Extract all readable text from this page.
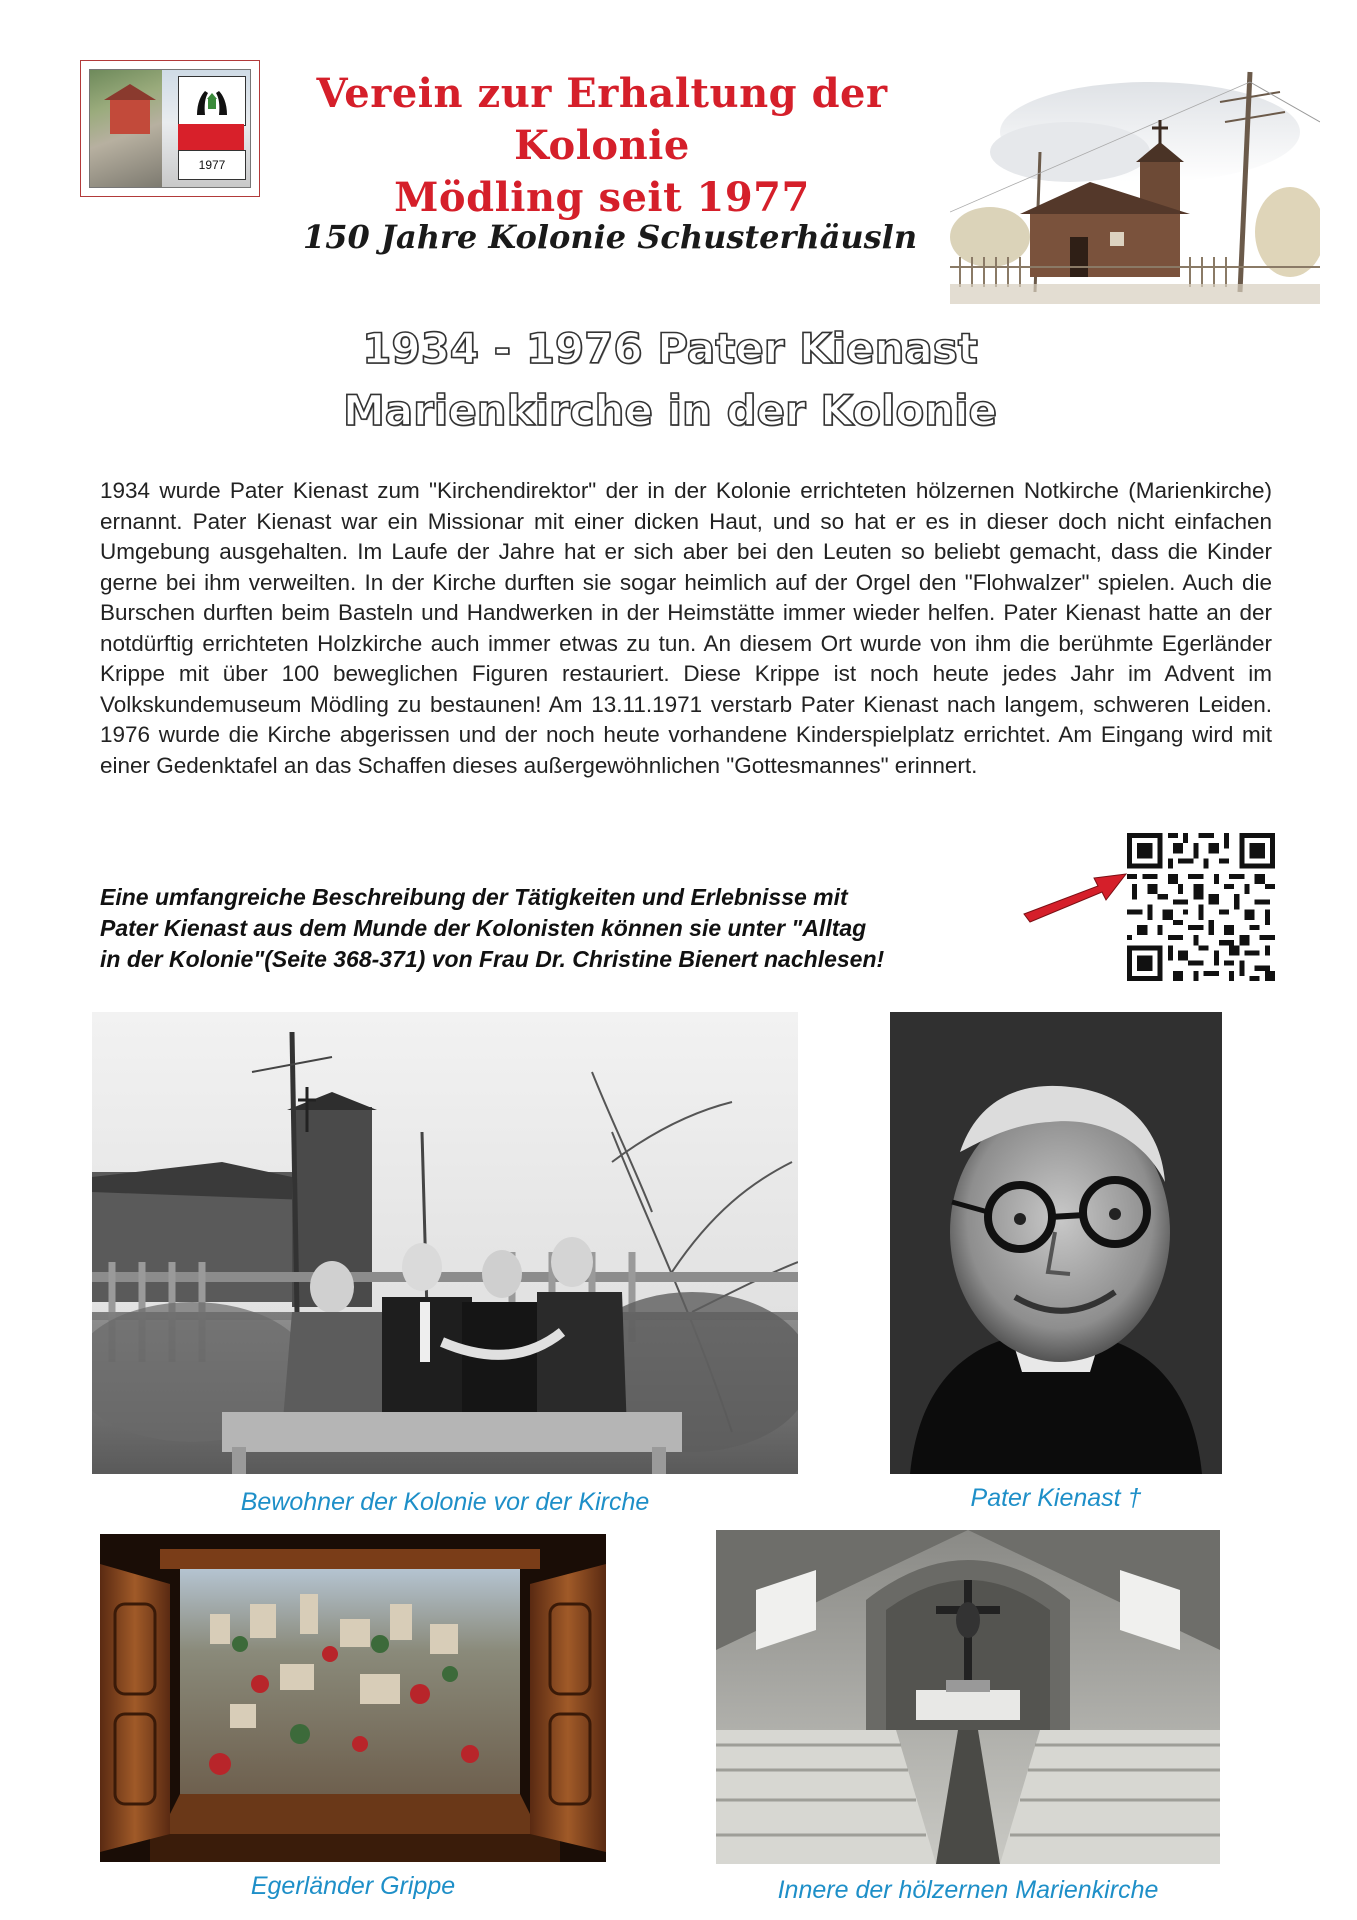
1977
Verein zur Erhaltung der Kolonie
Mödling seit 1977
150 Jahre Kolonie Schusterhäusln
1934 - 1976 Pater Kienast
Marienkirche in der Kolonie
1934 wurde Pater Kienast zum "Kirchendirektor" der in der Kolonie errichteten hölzernen Notkirche (Marienkirche) ernannt. Pater Kienast war ein Missionar mit einer dicken Haut, und so hat er es in dieser doch nicht einfachen Umgebung ausgehalten. Im Laufe der Jahre hat er sich aber bei den Leuten so beliebt gemacht, dass die Kinder gerne bei ihm verweilten. In der Kirche durften sie sogar heimlich auf der Orgel den "Flohwalzer" spielen. Auch die Burschen durften beim Basteln und Handwerken in der Heimstätte immer wieder helfen. Pater Kienast hatte an der notdürftig errichteten Holzkirche auch immer etwas zu tun. An diesem Ort wurde von ihm die berühmte Egerländer Krippe mit über 100 beweglichen Figuren restauriert. Diese Krippe ist noch heute jedes Jahr im Advent im Volkskundemuseum Mödling zu bestaunen! Am 13.11.1971 verstarb Pater Kienast nach langem, schweren Leiden. 1976 wurde die Kirche abgerissen und der noch heute vorhandene Kinderspielplatz errichtet. Am Eingang wird mit einer Gedenktafel an das Schaffen dieses außergewöhnlichen "Gottesmannes" erinnert.
Eine umfangreiche Beschreibung der Tätigkeiten und Erlebnisse mit
Pater Kienast aus dem Munde der Kolonisten können sie unter "Alltag
in der Kolonie"(Seite 368-371) von Frau Dr. Christine Bienert nachlesen!
Bewohner der Kolonie vor der Kirche	Pater Kienast †
Egerländer Grippe	Innere der hölzernen Marienkirche
